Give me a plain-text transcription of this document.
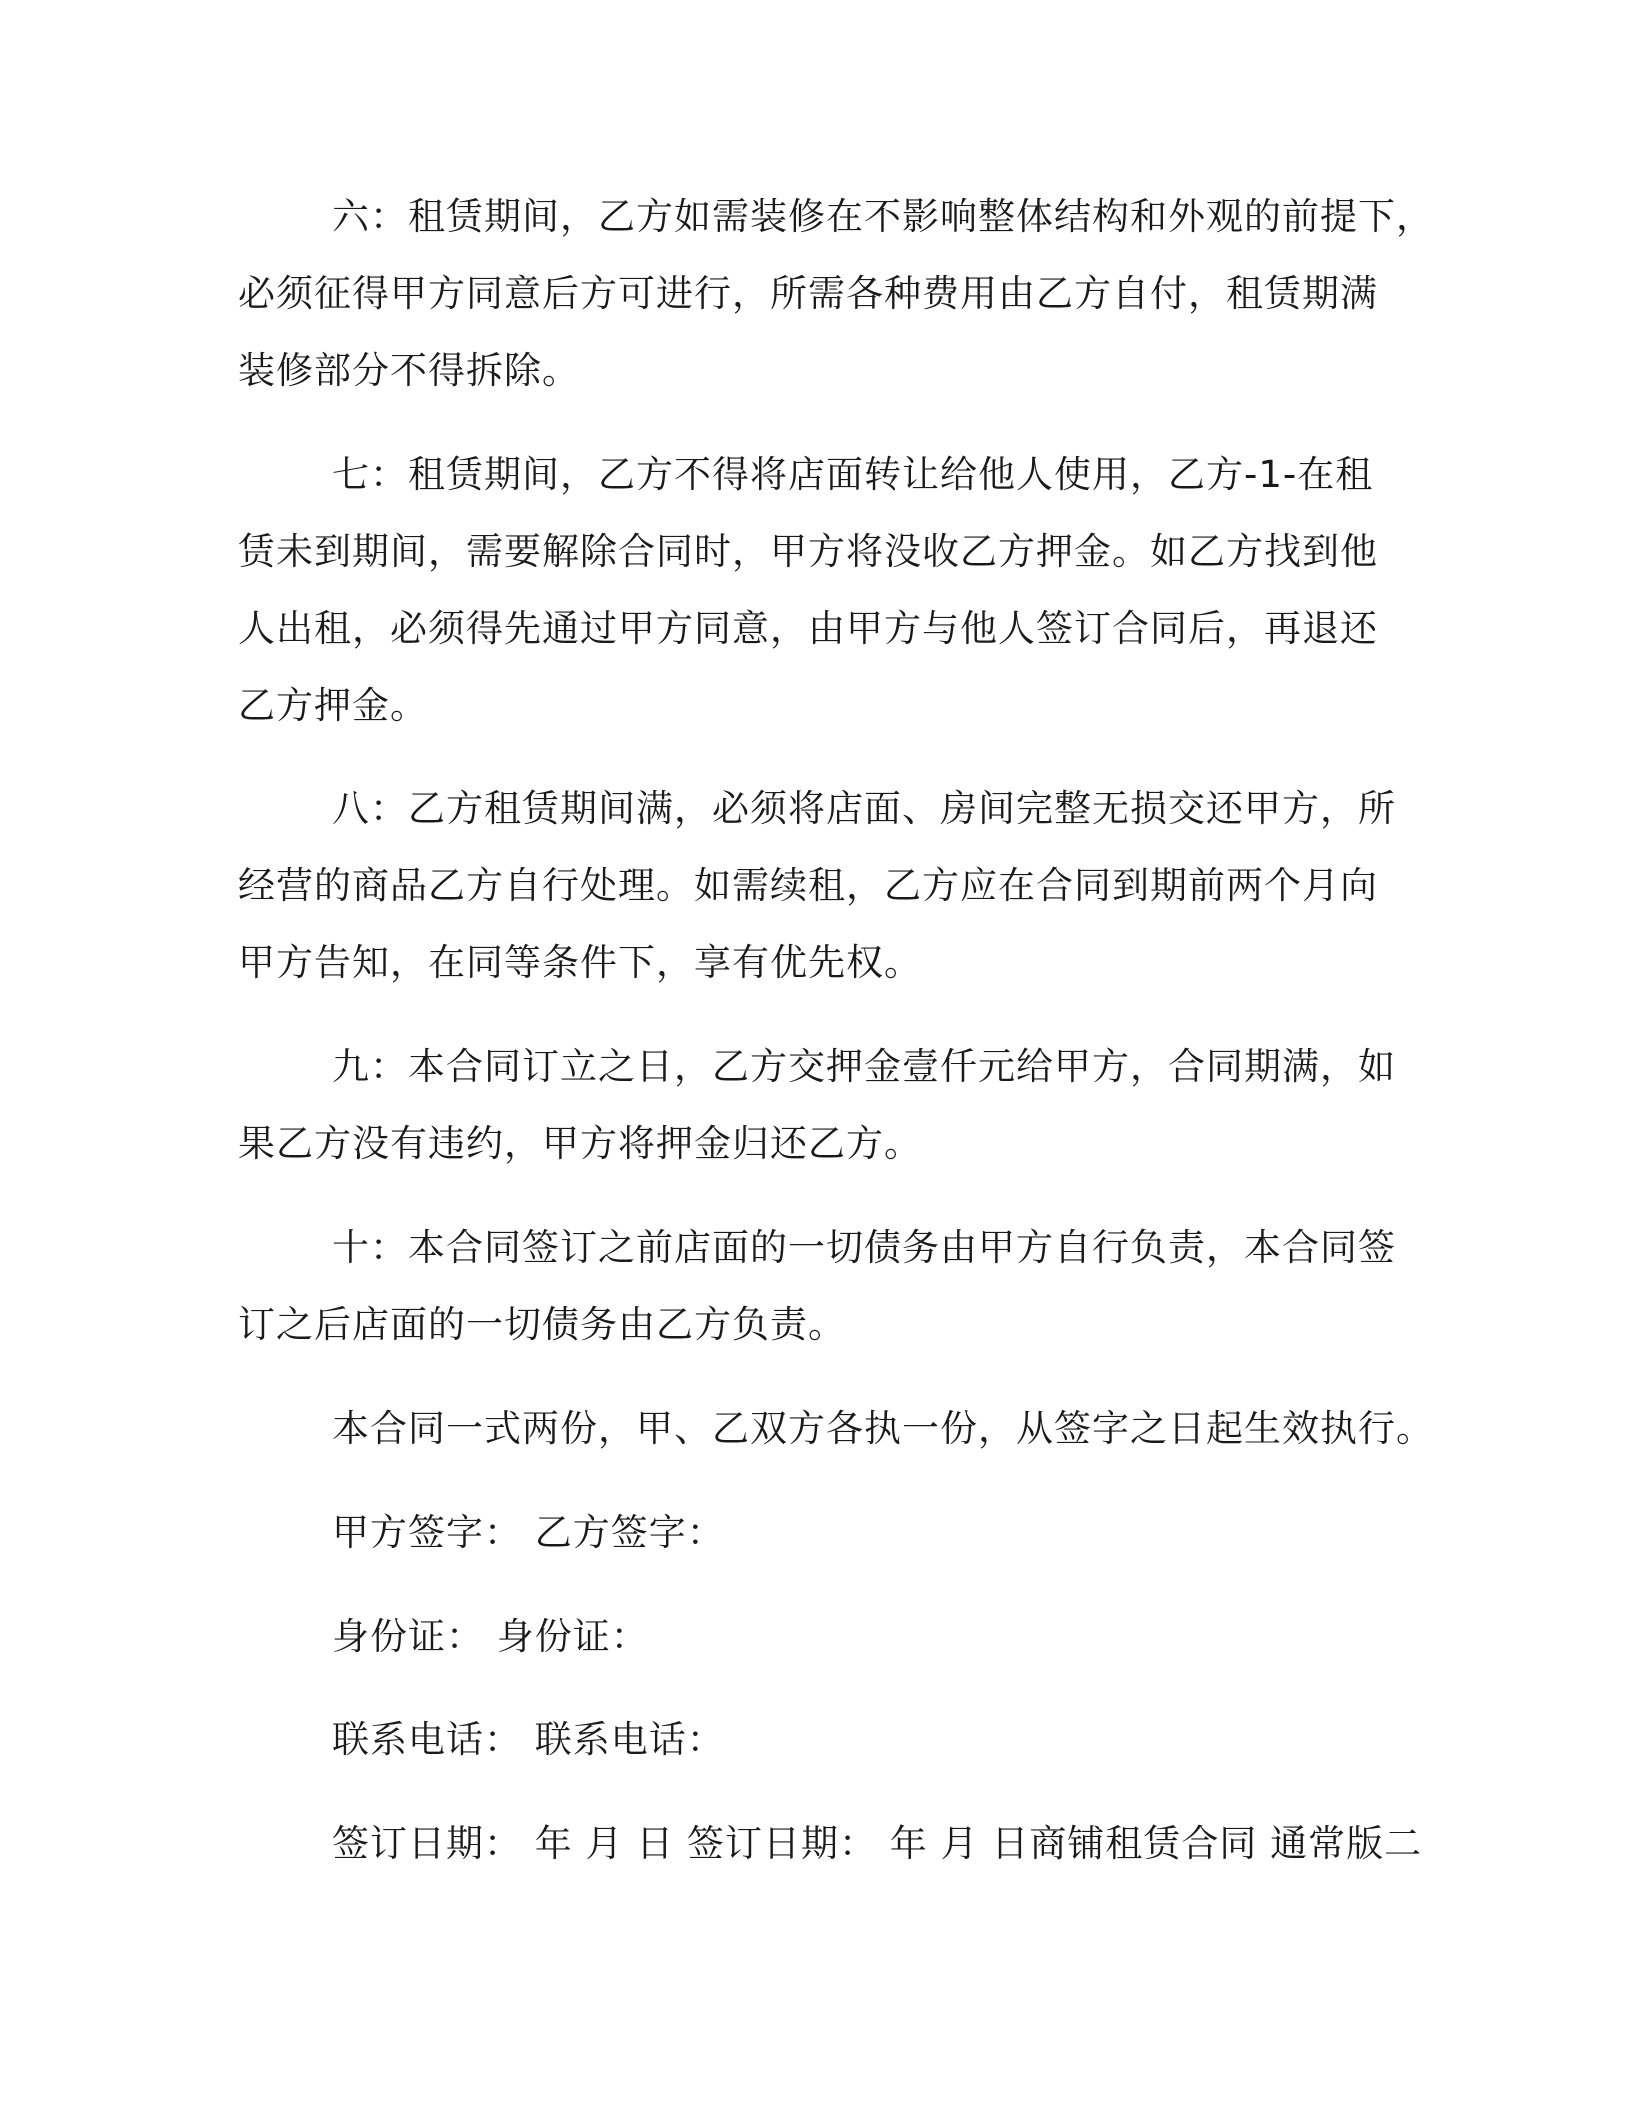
六：租赁期间，乙方如需装修在不影响整体结构和外观的前提下，
必须征得甲方同意后方可进行，所需各种费用由乙方自付，租赁期满
装修部分不得拆除。
七：租赁期间，乙方不得将店面转让给他人使用，乙方-1-在租
赁未到期间，需要解除合同时，甲方将没收乙方押金。如乙方找到他
人出租，必须得先通过甲方同意，由甲方与他人签订合同后，再退还
乙方押金。
八：乙方租赁期间满，必须将店面、房间完整无损交还甲方，所
经营的商品乙方自行处理。如需续租，乙方应在合同到期前两个月向
甲方告知，在同等条件下，享有优先权。
九：本合同订立之日，乙方交押金壹仟元给甲方，合同期满，如
果乙方没有违约，甲方将押金归还乙方。
十：本合同签订之前店面的一切债务由甲方自行负责，本合同签
订之后店面的一切债务由乙方负责。

本合同一式两份，甲、乙双方各执一份，从签字之日起生效执行。

甲方签字： 乙方签字：

身份证： 身份证：

联系电话： 联系电话：

签订日期： 年 月 日 签订日期： 年 月 日商铺租赁合同 通常版二
